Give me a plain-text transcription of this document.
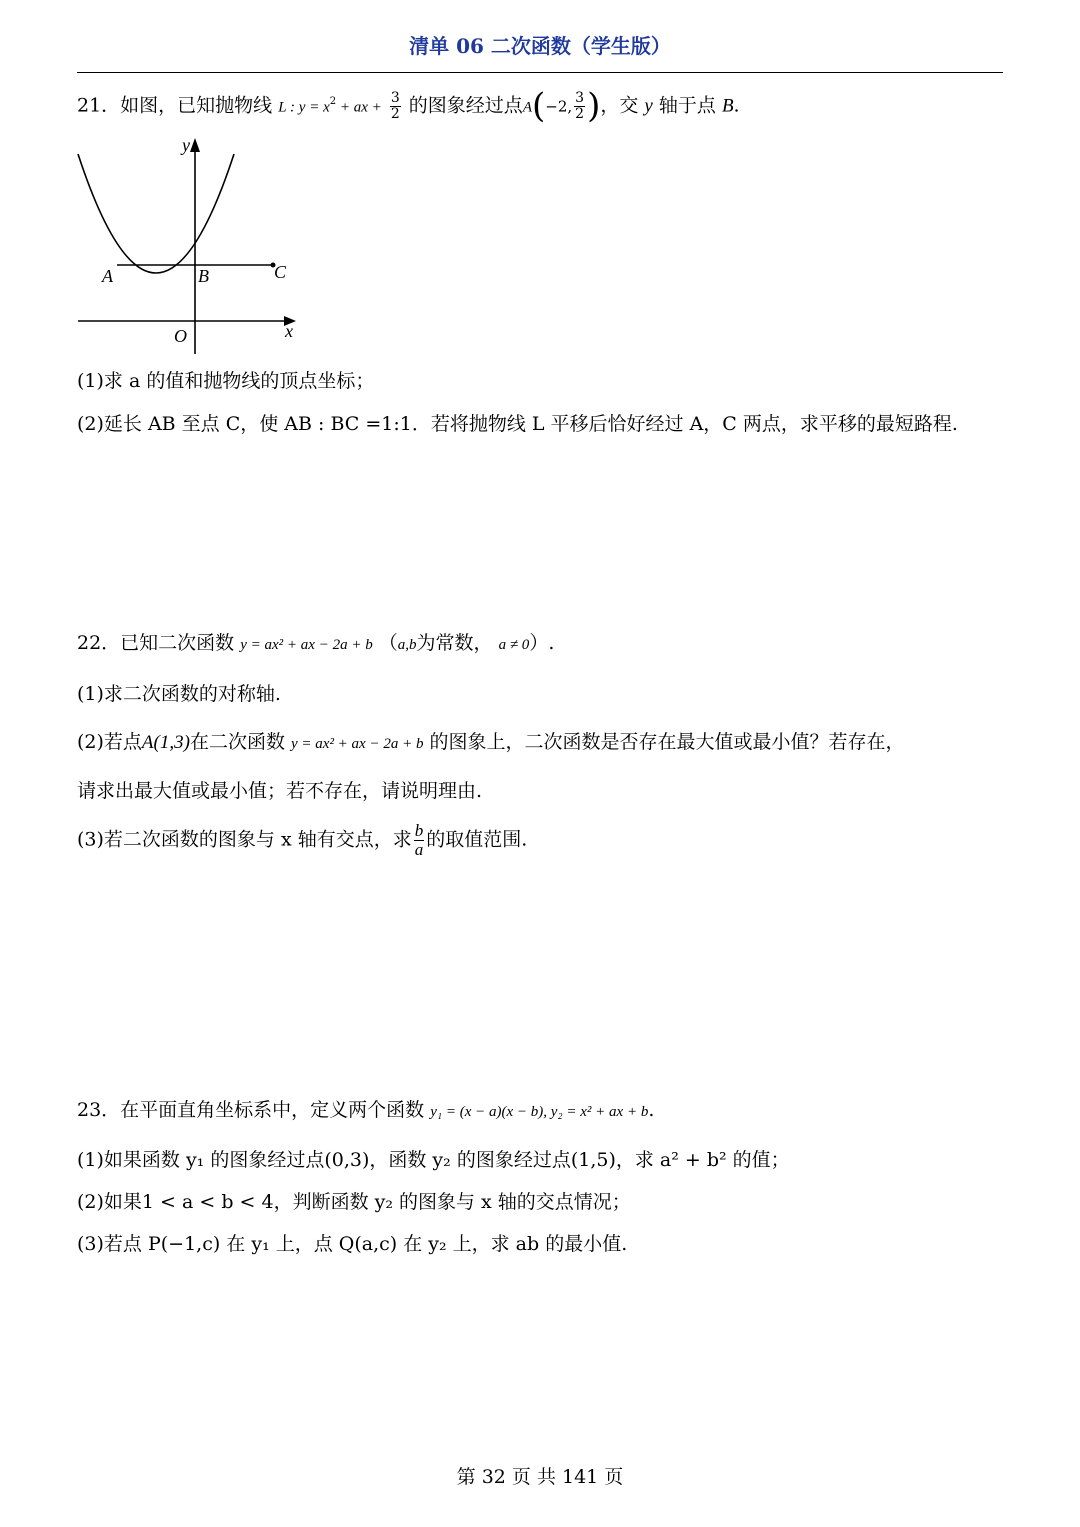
清单 06 二次函数（学生版）
21．如图，已知抛物线 L : $y = x^2$ + ax + $\frac{3}{2}$ 的图象经过点A(−2, $\frac{3}{2}$ )，交 y 轴于点 B.
y
x
O
A	B	C
(1)求 a 的值和抛物线的顶点坐标；
(2)延长 AB 至点 C，使 AB : BC =1:1．若将抛物线 L 平移后恰好经过 A，C 两点，求平移的最短路程.
22．已知二次函数 y = ax² + ax − 2a + b （a,b为常数， a ≠ 0）.
(1)求二次函数的对称轴.
(2)若点A(1,3)在二次函数 y = ax² + ax − 2a + b 的图象上，二次函数是否存在最大值或最小值？若存在，
请求出最大值或最小值；若不存在，请说明理由.
(3)若二次函数的图象与 x 轴有交点，求 $\frac{b}{a}$ 的取值范围.
23．在平面直角坐标系中，定义两个函数 y₁ = (x − a)(x − b), y₂ = x² + ax + b.
(1)如果函数 y₁ 的图象经过点(0,3)，函数 y₂ 的图象经过点(1,5)，求 a² + b² 的值；
(2)如果1 < a < b < 4，判断函数 y₂ 的图象与 x 轴的交点情况；
(3)若点 P(−1,c) 在 y₁ 上，点 Q(a,c) 在 y₂ 上，求 ab 的最小值.
第 32 页 共 141 页
